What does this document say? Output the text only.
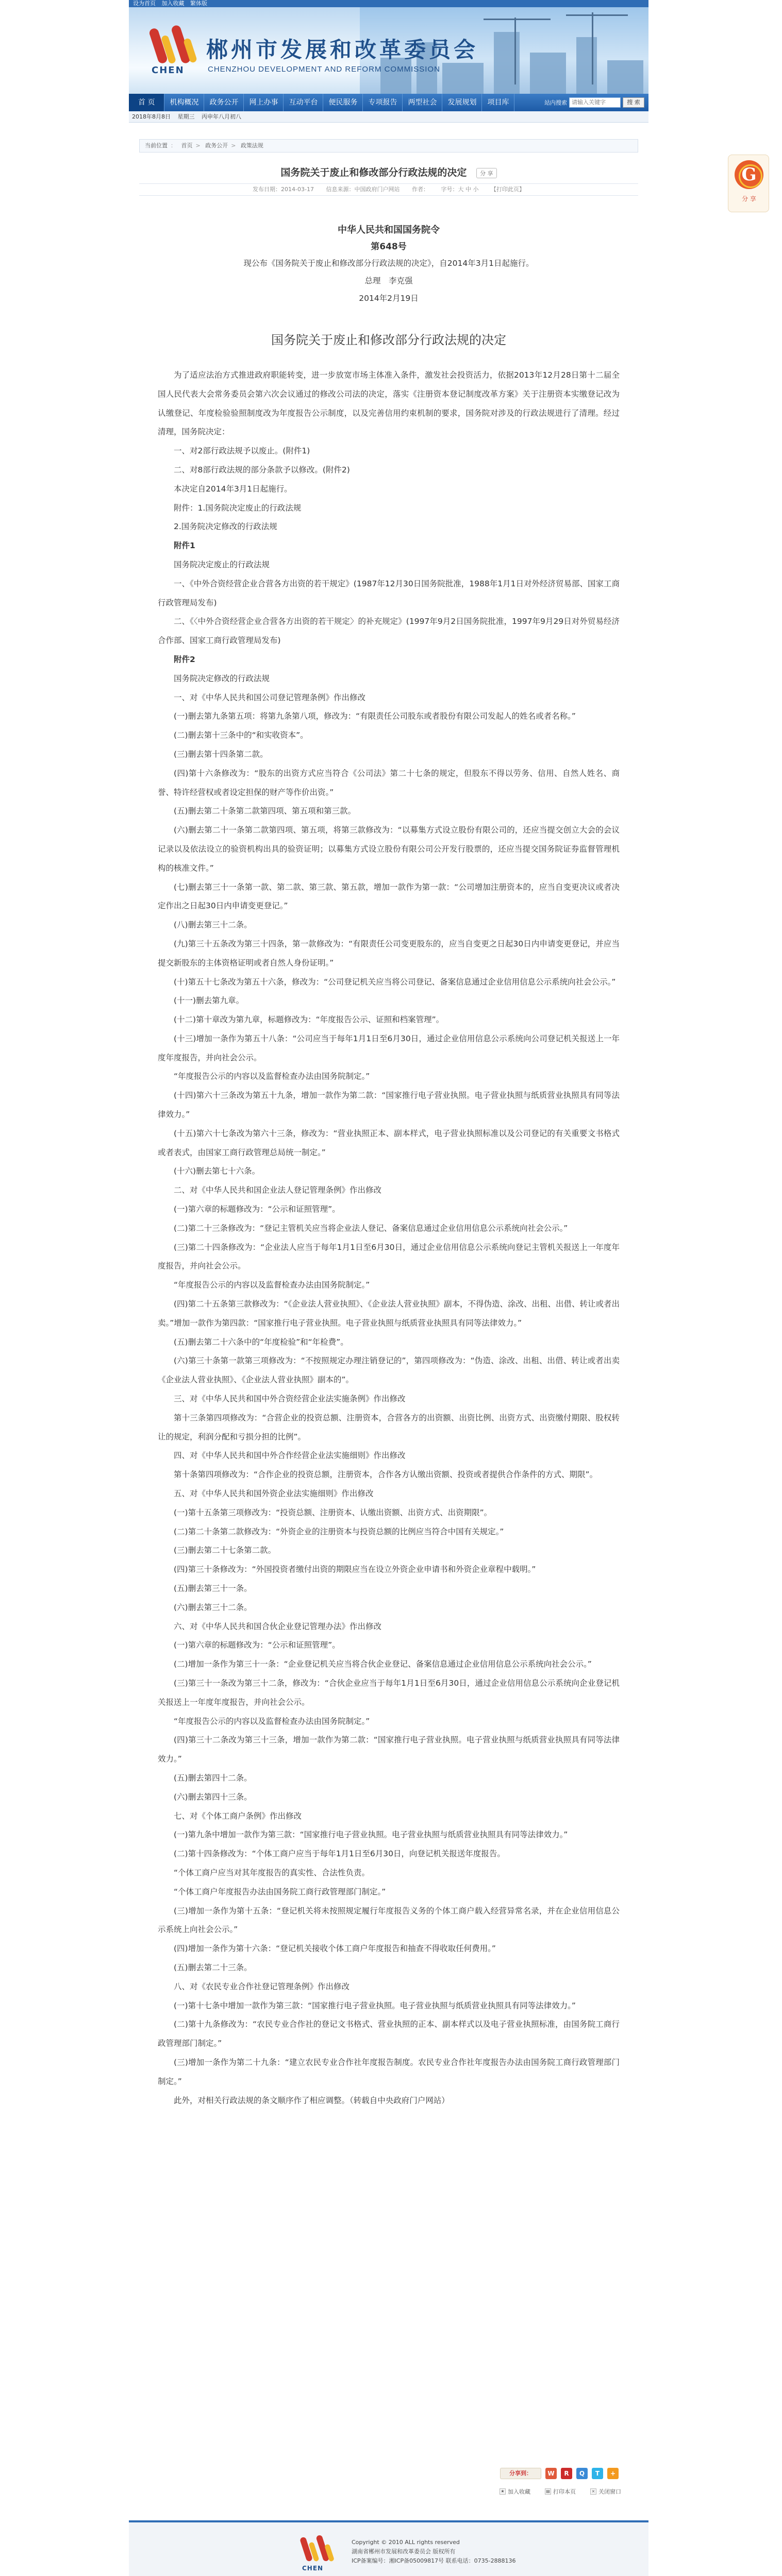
设为首页 加入收藏 繁体版
CHEN
郴州市发展和改革委员会
CHENZHOU DEVELOPMENT AND REFORM COMMISSION
首 页	机构概况	政务公开	网上办事	互动平台	便民服务	专项报告	两型社会	发展规划	项目库	站内搜索
请输入关键字	搜 索
2018年8月8日 星期三 丙申年八月初八
当前位置 ： 首页 > 政务公开 > 政策法规
国务院关于废止和修改部分行政法规的决定 分 享
发布日期：2014-03-17 信息来源：中国政府门户网站 作者： 字号：大 中 小 【打印此页】
中华人民共和国国务院令
第648号
现公布《国务院关于废止和修改部分行政法规的决定》，自2014年3月1日起施行。
总理　李克强
2014年2月19日
国务院关于废止和修改部分行政法规的决定

为了适应法治方式推进政府职能转变，进一步放宽市场主体准入条件，激发社会投资活力，依据2013年12月28日第十二届全国人民代表大会常务委员会第六次会议通过的修改公司法的决定，落实《注册资本登记制度改革方案》关于注册资本实缴登记改为认缴登记、年度检验验照制度改为年度报告公示制度，以及完善信用约束机制的要求，国务院对涉及的行政法规进行了清理。经过清理，国务院决定：

一、对2部行政法规予以废止。(附件1)

二、对8部行政法规的部分条款予以修改。(附件2)

本决定自2014年3月1日起施行。

附件：1.国务院决定废止的行政法规

2.国务院决定修改的行政法规

附件1

国务院决定废止的行政法规

一、《中外合资经营企业合营各方出资的若干规定》(1987年12月30日国务院批准，1988年1月1日对外经济贸易部、国家工商行政管理局发布)

二、《〈中外合资经营企业合营各方出资的若干规定〉的补充规定》(1997年9月2日国务院批准，1997年9月29日对外贸易经济合作部、国家工商行政管理局发布)

附件2

国务院决定修改的行政法规

一、对《中华人民共和国公司登记管理条例》作出修改

(一)删去第九条第五项：将第九条第八项，修改为：“有限责任公司股东或者股份有限公司发起人的姓名或者名称。”

(二)删去第十三条中的“和实收资本”。

(三)删去第十四条第二款。

(四)第十六条修改为：“股东的出资方式应当符合《公司法》第二十七条的规定，但股东不得以劳务、信用、自然人姓名、商誉、特许经营权或者设定担保的财产等作价出资。”

(五)删去第二十条第二款第四项、第五项和第三款。

(六)删去第二十一条第二款第四项、第五项，将第三款修改为：“以募集方式设立股份有限公司的，还应当提交创立大会的会议记录以及依法设立的验资机构出具的验资证明；以募集方式设立股份有限公司公开发行股票的，还应当提交国务院证券监督管理机构的核准文件。”

(七)删去第三十一条第一款、第二款、第三款、第五款，增加一款作为第一款：“公司增加注册资本的，应当自变更决议或者决定作出之日起30日内申请变更登记。”

(八)删去第三十二条。

(九)第三十五条改为第三十四条，第一款修改为：“有限责任公司变更股东的，应当自变更之日起30日内申请变更登记，并应当提交新股东的主体资格证明或者自然人身份证明。”

(十)第五十七条改为第五十六条，修改为：“公司登记机关应当将公司登记、备案信息通过企业信用信息公示系统向社会公示。”

(十一)删去第九章。

(十二)第十章改为第九章，标题修改为：“年度报告公示、证照和档案管理”。

(十三)增加一条作为第五十八条：“公司应当于每年1月1日至6月30日，通过企业信用信息公示系统向公司登记机关报送上一年度年度报告，并向社会公示。

“年度报告公示的内容以及监督检查办法由国务院制定。”

(十四)第六十三条改为第五十九条，增加一款作为第二款：“国家推行电子营业执照。电子营业执照与纸质营业执照具有同等法律效力。”

(十五)第六十七条改为第六十三条，修改为：“营业执照正本、副本样式，电子营业执照标准以及公司登记的有关重要文书格式或者表式，由国家工商行政管理总局统一制定。”

(十六)删去第七十六条。

二、对《中华人民共和国企业法人登记管理条例》作出修改

(一)第六章的标题修改为：“公示和证照管理”。

(二)第二十三条修改为：“登记主管机关应当将企业法人登记、备案信息通过企业信用信息公示系统向社会公示。”

(三)第二十四条修改为：“企业法人应当于每年1月1日至6月30日，通过企业信用信息公示系统向登记主管机关报送上一年度年度报告，并向社会公示。

“年度报告公示的内容以及监督检查办法由国务院制定。”

(四)第二十五条第三款修改为：“《企业法人营业执照》、《企业法人营业执照》副本，不得伪造、涂改、出租、出借、转让或者出卖。”增加一款作为第四款：“国家推行电子营业执照。电子营业执照与纸质营业执照具有同等法律效力。”

(五)删去第二十六条中的“年度检验”和“年检费”。

(六)第三十条第一款第三项修改为：“不按照规定办理注销登记的”，第四项修改为：“伪造、涂改、出租、出借、转让或者出卖《企业法人营业执照》、《企业法人营业执照》副本的”。

三、对《中华人民共和国中外合资经营企业法实施条例》作出修改

第十三条第四项修改为：“合营企业的投资总额、注册资本，合营各方的出资额、出资比例、出资方式、出资缴付期限、股权转让的规定，利润分配和亏损分担的比例”。

四、对《中华人民共和国中外合作经营企业法实施细则》作出修改

第十条第四项修改为：“合作企业的投资总额，注册资本，合作各方认缴出资额、投资或者提供合作条件的方式、期限”。

五、对《中华人民共和国外资企业法实施细则》作出修改

(一)第十五条第三项修改为：“投资总额、注册资本、认缴出资额、出资方式、出资期限”。

(二)第二十条第二款修改为：“外资企业的注册资本与投资总额的比例应当符合中国有关规定。”

(三)删去第二十七条第二款。

(四)第三十条修改为：“外国投资者缴付出资的期限应当在设立外资企业申请书和外资企业章程中载明。”

(五)删去第三十一条。

(六)删去第三十二条。

六、对《中华人民共和国合伙企业登记管理办法》作出修改

(一)第六章的标题修改为：“公示和证照管理”。

(二)增加一条作为第三十一条：“企业登记机关应当将合伙企业登记、备案信息通过企业信用信息公示系统向社会公示。”

(三)第三十一条改为第三十二条，修改为：“合伙企业应当于每年1月1日至6月30日，通过企业信用信息公示系统向企业登记机关报送上一年度年度报告，并向社会公示。

“年度报告公示的内容以及监督检查办法由国务院制定。”

(四)第三十二条改为第三十三条，增加一款作为第二款：“国家推行电子营业执照。电子营业执照与纸质营业执照具有同等法律效力。”

(五)删去第四十二条。

(六)删去第四十三条。

七、对《个体工商户条例》作出修改

(一)第九条中增加一款作为第三款：“国家推行电子营业执照。电子营业执照与纸质营业执照具有同等法律效力。”

(二)第十四条修改为：“个体工商户应当于每年1月1日至6月30日，向登记机关报送年度报告。

“个体工商户应当对其年度报告的真实性、合法性负责。

“个体工商户年度报告办法由国务院工商行政管理部门制定。”

(三)增加一条作为第十五条：“登记机关将未按照规定履行年度报告义务的个体工商户载入经营异常名录，并在企业信用信息公示系统上向社会公示。”

(四)增加一条作为第十六条：“登记机关接收个体工商户年度报告和抽查不得收取任何费用。”

(五)删去第二十三条。

八、对《农民专业合作社登记管理条例》作出修改

(一)第十七条中增加一款作为第三款：“国家推行电子营业执照。电子营业执照与纸质营业执照具有同等法律效力。”

(二)第十九条修改为：“农民专业合作社的登记文书格式、营业执照的正本、副本样式以及电子营业执照标准，由国务院工商行政管理部门制定。”

(三)增加一条作为第二十九条：“建立农民专业合作社年度报告制度。农民专业合作社年度报告办法由国务院工商行政管理部门制定。”

此外，对相关行政法规的条文顺序作了相应调整。（转载自中央政府门户网站）

分享到：	W	R	Q	T	+
★ 加入收藏	▤ 打印本页	× 关闭窗口
CHEN
Copyright © 2010 ALL rights reserved
湖南省郴州市发展和改革委员会 版权所有
ICP备案编号：湘ICP备05009817号 联系电话：0735-2888136
G
分 享
